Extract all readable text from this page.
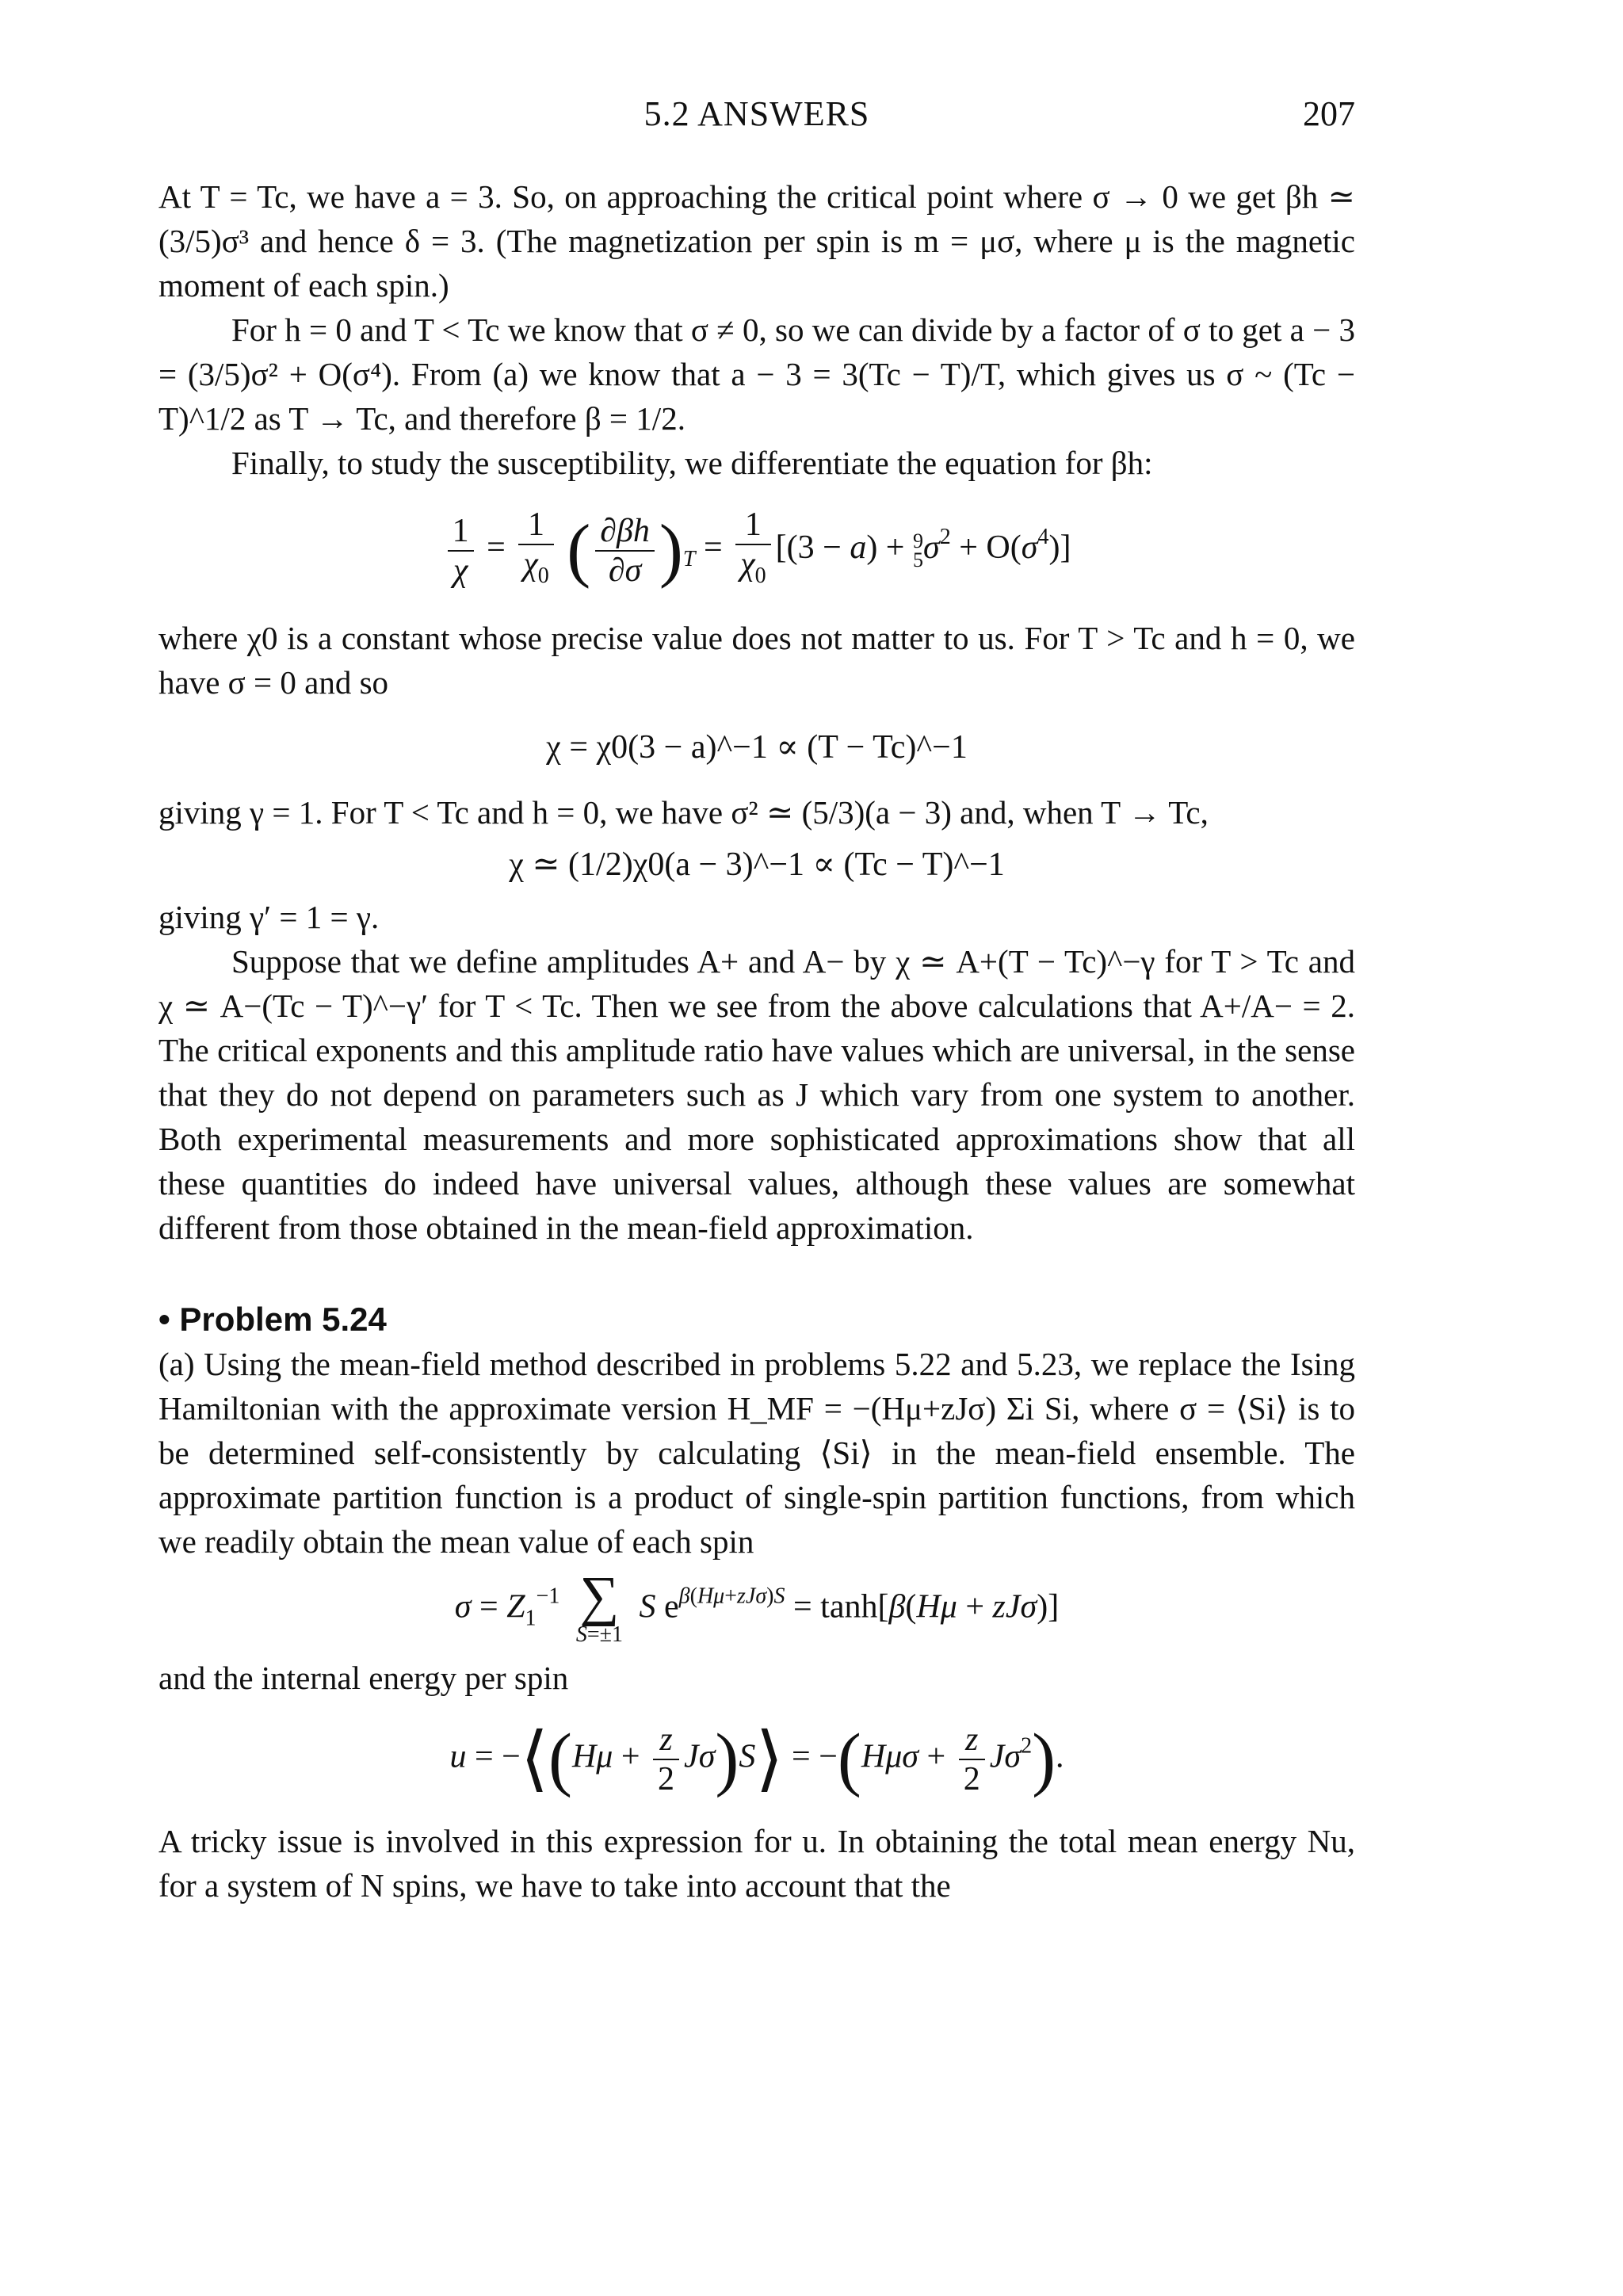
5.2 ANSWERS	207

At T = Tc, we have a = 3. So, on approaching the critical point where σ → 0 we get βh ≃ (3/5)σ³ and hence δ = 3. (The magnetization per spin is m = μσ, where μ is the magnetic moment of each spin.)

For h = 0 and T < Tc we know that σ ≠ 0, so we can divide by a factor of σ to get a − 3 = (3/5)σ² + O(σ⁴). From (a) we know that a − 3 = 3(Tc − T)/T, which gives us σ ~ (Tc − T)^1/2 as T → Tc, and therefore β = 1/2.

Finally, to study the susceptibility, we differentiate the equation for βh:

$\frac{1}{\chi} = \frac{1}{\chi_0}$ ( $\frac{\partial\beta h}{\partial\sigma} )_T = \frac{1}{\chi_0} [(3 - a) + 9$
5 $\sigma^2 + O(\sigma^4)$]

where χ0 is a constant whose precise value does not matter to us. For T > Tc and h = 0, we have σ = 0 and so

χ = χ0(3 − a)^−1 ∝ (T − Tc)^−1

giving γ = 1. For T < Tc and h = 0, we have σ² ≃ (5/3)(a − 3) and, when T → Tc,

χ ≃ (1/2)χ0(a − 3)^−1 ∝ (Tc − T)^−1

giving γ′ = 1 = γ.

Suppose that we define amplitudes A+ and A− by χ ≃ A+(T − Tc)^−γ for T > Tc and χ ≃ A−(Tc − T)^−γ′ for T < Tc. Then we see from the above calculations that A+/A− = 2. The critical exponents and this amplitude ratio have values which are universal, in the sense that they do not depend on parameters such as J which vary from one system to another. Both experimental measurements and more sophisticated approximations show that all these quantities do indeed have universal values, although these values are somewhat different from those obtained in the mean-field approximation.

• Problem 5.24

(a) Using the mean-field method described in problems 5.22 and 5.23, we replace the Ising Hamiltonian with the approximate version H_MF = −(Hμ+zJσ) Σi Si, where σ = ⟨Si⟩ is to be determined self-consistently by calculating ⟨Si⟩ in the mean-field ensemble. The approximate partition function is a product of single-spin partition functions, from which we readily obtain the mean value of each spin

$\sigma = Z_1^{-1}$ ∑
S=±1
S $e^{\beta(H\mu+zJ\sigma)S} = \tanh[\beta(H\mu + zJ\sigma)]$

and the internal energy per spin

u = −⟨(Hμ + $\frac{z}{2}$ Jσ)S⟩ = $-(H\mu\sigma + \frac{z}{2} J\sigma^2)$.

A tricky issue is involved in this expression for u. In obtaining the total mean energy Nu, for a system of N spins, we have to take into account that the
